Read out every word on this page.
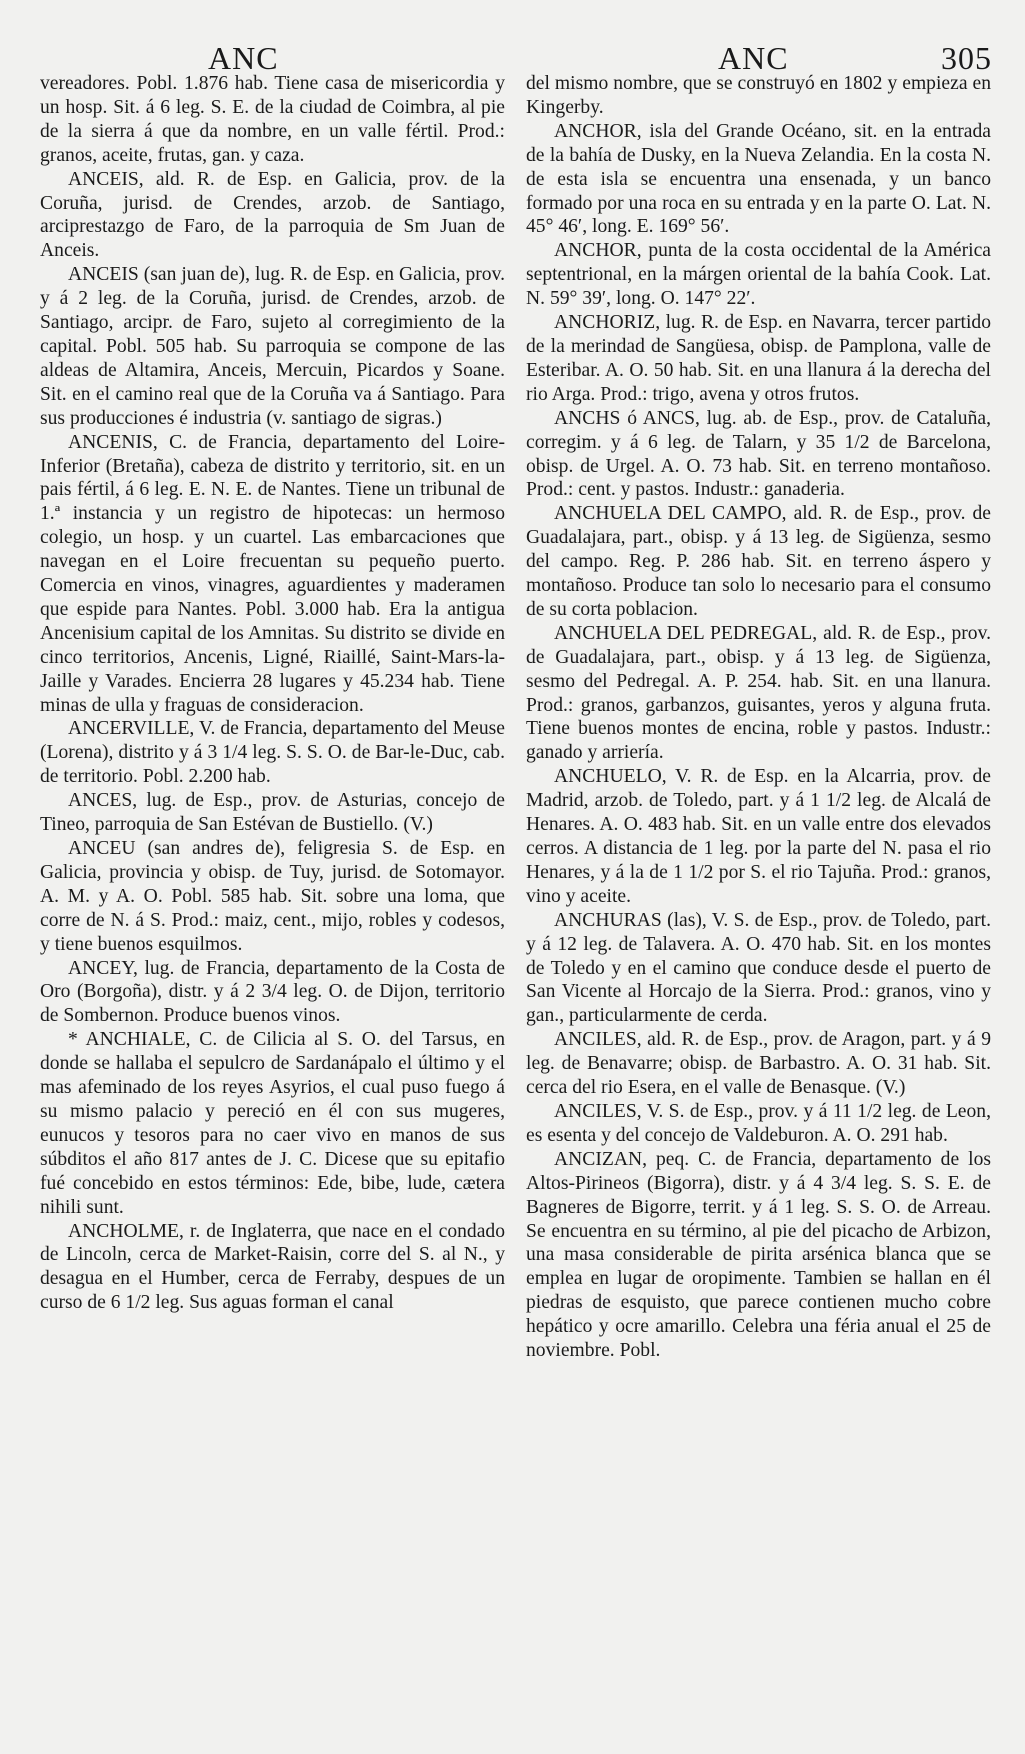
ANC	ANC	305

vereadores. Pobl. 1.876 hab. Tiene casa de misericordia y un hosp. Sit. á 6 leg. S. E. de la ciudad de Coimbra, al pie de la sierra á que da nombre, en un valle fértil. Prod.: granos, aceite, frutas, gan. y caza.

ANCEIS, ald. R. de Esp. en Galicia, prov. de la Coruña, jurisd. de Crendes, arzob. de Santiago, arciprestazgo de Faro, de la parroquia de Sm Juan de Anceis.

ANCEIS (san juan de), lug. R. de Esp. en Galicia, prov. y á 2 leg. de la Coruña, jurisd. de Crendes, arzob. de Santiago, arcipr. de Faro, sujeto al corregimiento de la capital. Pobl. 505 hab. Su parroquia se compone de las aldeas de Altamira, Anceis, Mercuin, Picardos y Soane. Sit. en el camino real que de la Coruña va á Santiago. Para sus producciones é industria (v. santiago de sigras.)

ANCENIS, C. de Francia, departamento del Loire-Inferior (Bretaña), cabeza de distrito y territorio, sit. en un pais fértil, á 6 leg. E. N. E. de Nantes. Tiene un tribunal de 1.ª instancia y un registro de hipotecas: un hermoso colegio, un hosp. y un cuartel. Las embarcaciones que navegan en el Loire frecuentan su pequeño puerto. Comercia en vinos, vinagres, aguardientes y maderamen que espide para Nantes. Pobl. 3.000 hab. Era la antigua Ancenisium capital de los Amnitas. Su distrito se divide en cinco territorios, Ancenis, Ligné, Riaillé, Saint-Mars-la-Jaille y Varades. Encierra 28 lugares y 45.234 hab. Tiene minas de ulla y fraguas de consideracion.

ANCERVILLE, V. de Francia, departamento del Meuse (Lorena), distrito y á 3 1/4 leg. S. S. O. de Bar-le-Duc, cab. de territorio. Pobl. 2.200 hab.

ANCES, lug. de Esp., prov. de Asturias, concejo de Tineo, parroquia de San Estévan de Bustiello. (V.)

ANCEU (san andres de), feligresia S. de Esp. en Galicia, provincia y obisp. de Tuy, jurisd. de Sotomayor. A. M. y A. O. Pobl. 585 hab. Sit. sobre una loma, que corre de N. á S. Prod.: maiz, cent., mijo, robles y codesos, y tiene buenos esquilmos.

ANCEY, lug. de Francia, departamento de la Costa de Oro (Borgoña), distr. y á 2 3/4 leg. O. de Dijon, territorio de Sombernon. Produce buenos vinos.

* ANCHIALE, C. de Cilicia al S. O. del Tarsus, en donde se hallaba el sepulcro de Sardanápalo el último y el mas afeminado de los reyes Asyrios, el cual puso fuego á su mismo palacio y pereció en él con sus mugeres, eunucos y tesoros para no caer vivo en manos de sus súbditos el año 817 antes de J. C. Dicese que su epitafio fué concebido en estos términos: Ede, bibe, lude, cætera nihili sunt.

ANCHOLME, r. de Inglaterra, que nace en el condado de Lincoln, cerca de Market-Raisin, corre del S. al N., y desagua en el Humber, cerca de Ferraby, despues de un curso de 6 1/2 leg. Sus aguas forman el canal

del mismo nombre, que se construyó en 1802 y empieza en Kingerby.

ANCHOR, isla del Grande Océano, sit. en la entrada de la bahía de Dusky, en la Nueva Zelandia. En la costa N. de esta isla se encuentra una ensenada, y un banco formado por una roca en su entrada y en la parte O. Lat. N. 45° 46′, long. E. 169° 56′.

ANCHOR, punta de la costa occidental de la América septentrional, en la márgen oriental de la bahía Cook. Lat. N. 59° 39′, long. O. 147° 22′.

ANCHORIZ, lug. R. de Esp. en Navarra, tercer partido de la merindad de Sangüesa, obisp. de Pamplona, valle de Esteribar. A. O. 50 hab. Sit. en una llanura á la derecha del rio Arga. Prod.: trigo, avena y otros frutos.

ANCHS ó ANCS, lug. ab. de Esp., prov. de Cataluña, corregim. y á 6 leg. de Talarn, y 35 1/2 de Barcelona, obisp. de Urgel. A. O. 73 hab. Sit. en terreno montañoso. Prod.: cent. y pastos. Industr.: ganaderia.

ANCHUELA DEL CAMPO, ald. R. de Esp., prov. de Guadalajara, part., obisp. y á 13 leg. de Sigüenza, sesmo del campo. Reg. P. 286 hab. Sit. en terreno áspero y montañoso. Produce tan solo lo necesario para el consumo de su corta poblacion.

ANCHUELA DEL PEDREGAL, ald. R. de Esp., prov. de Guadalajara, part., obisp. y á 13 leg. de Sigüenza, sesmo del Pedregal. A. P. 254. hab. Sit. en una llanura. Prod.: granos, garbanzos, guisantes, yeros y alguna fruta. Tiene buenos montes de encina, roble y pastos. Industr.: ganado y arriería.

ANCHUELO, V. R. de Esp. en la Alcarria, prov. de Madrid, arzob. de Toledo, part. y á 1 1/2 leg. de Alcalá de Henares. A. O. 483 hab. Sit. en un valle entre dos elevados cerros. A distancia de 1 leg. por la parte del N. pasa el rio Henares, y á la de 1 1/2 por S. el rio Tajuña. Prod.: granos, vino y aceite.

ANCHURAS (las), V. S. de Esp., prov. de Toledo, part. y á 12 leg. de Talavera. A. O. 470 hab. Sit. en los montes de Toledo y en el camino que conduce desde el puerto de San Vicente al Horcajo de la Sierra. Prod.: granos, vino y gan., particularmente de cerda.

ANCILES, ald. R. de Esp., prov. de Aragon, part. y á 9 leg. de Benavarre; obisp. de Barbastro. A. O. 31 hab. Sit. cerca del rio Esera, en el valle de Benasque. (V.)

ANCILES, V. S. de Esp., prov. y á 11 1/2 leg. de Leon, es esenta y del concejo de Valdeburon. A. O. 291 hab.

ANCIZAN, peq. C. de Francia, departamento de los Altos-Pirineos (Bigorra), distr. y á 4 3/4 leg. S. S. E. de Bagneres de Bigorre, territ. y á 1 leg. S. S. O. de Arreau. Se encuentra en su término, al pie del picacho de Arbizon, una masa considerable de pirita arsénica blanca que se emplea en lugar de oropimente. Tambien se hallan en él piedras de esquisto, que parece contienen mucho cobre hepático y ocre amarillo. Celebra una féria anual el 25 de noviembre. Pobl.
